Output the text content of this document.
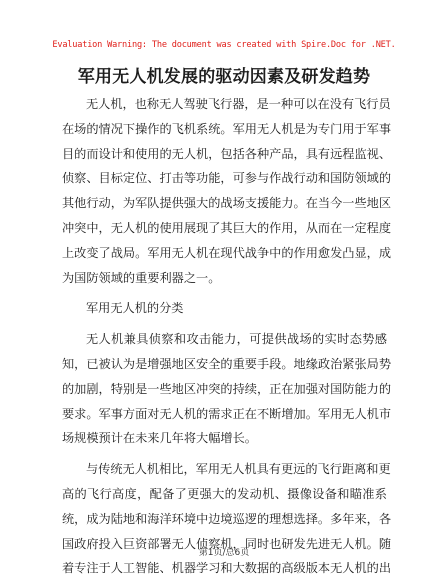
Evaluation Warning: The document was created with Spire.Doc for .NET.
军用无人机发展的驱动因素及研发趋势
无人机，也称无人驾驶飞行器，是一种可以在没有飞行员
在场的情况下操作的飞机系统。军用无人机是为专门用于军事
目的而设计和使用的无人机，包括各种产品，具有远程监视、
侦察、目标定位、打击等功能，可参与作战行动和国防领域的
其他行动，为军队提供强大的战场支援能力。在当今一些地区
冲突中，无人机的使用展现了其巨大的作用，从而在一定程度
上改变了战局。军用无人机在现代战争中的作用愈发凸显，成
为国防领域的重要利器之一。
军用无人机的分类
无人机兼具侦察和攻击能力，可提供战场的实时态势感
知，已被认为是增强地区安全的重要手段。地缘政治紧张局势
的加剧，特别是一些地区冲突的持续，正在加强对国防能力的
要求。军事方面对无人机的需求正在不断增加。军用无人机市
场规模预计在未来几年将大幅增长。
与传统无人机相比，军用无人机具有更远的飞行距离和更
高的飞行高度，配备了更强大的发动机、摄像设备和瞄准系
统，成为陆地和海洋环境中边境巡逻的理想选择。多年来，各
国政府投入巨资部署无人侦察机，同时也研发先进无人机。随
着专注于人工智能、机器学习和大数据的高级版本无人机的出
第1页/总6页
